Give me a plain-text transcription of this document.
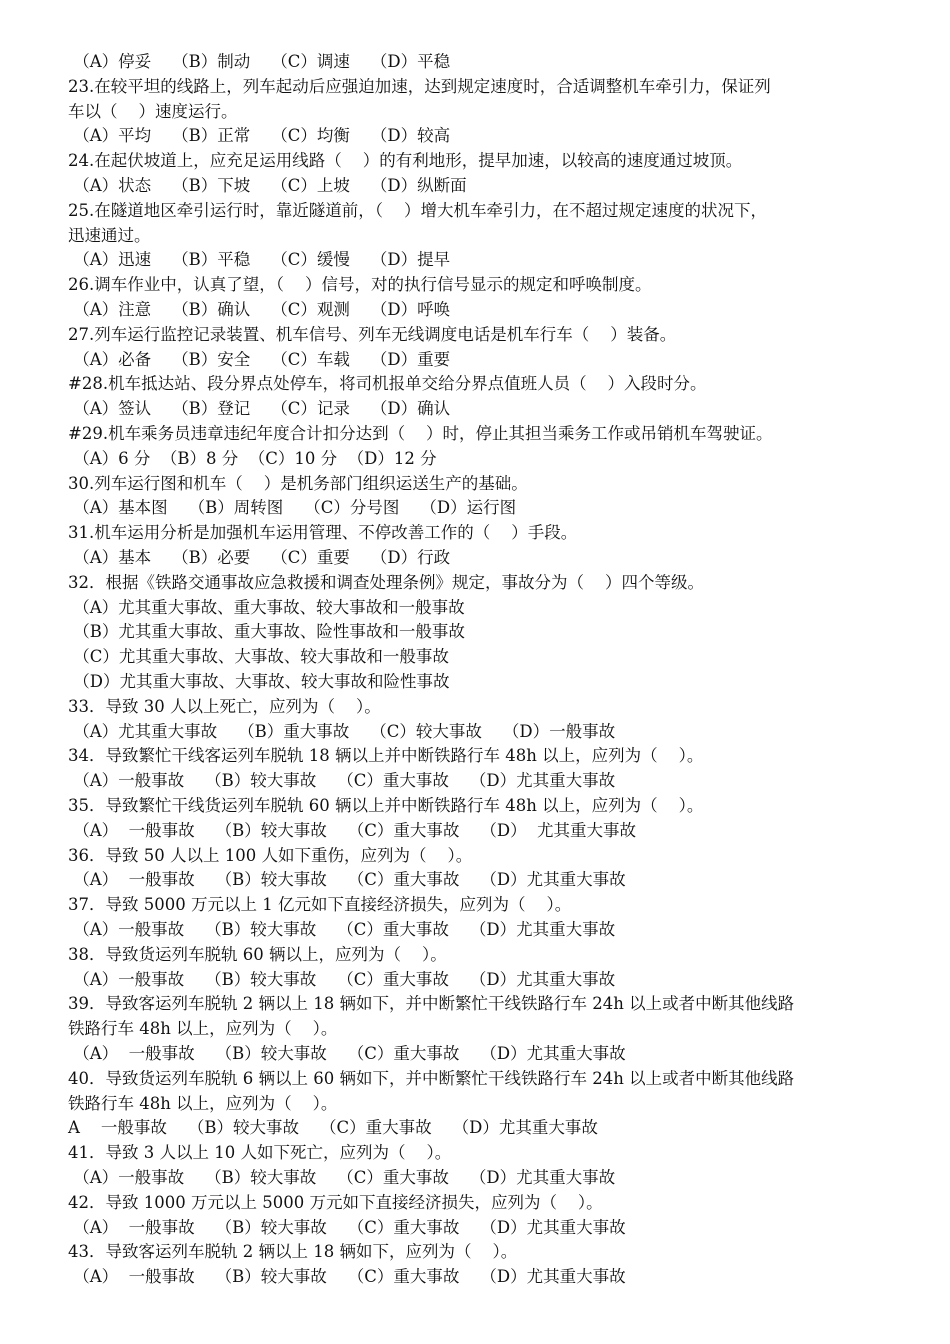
（A）停妥    （B）制动    （C）调速    （D）平稳
23.在较平坦的线路上，列车起动后应强迫加速，达到规定速度时，合适调整机车牵引力，保证列
车以（    ）速度运行。
（A）平均    （B）正常    （C）均衡    （D）较高
24.在起伏坡道上，应充足运用线路（    ）的有利地形，提早加速，以较高的速度通过坡顶。
（A）状态    （B）下坡    （C）上坡    （D）纵断面
25.在隧道地区牵引运行时，靠近隧道前，（    ）增大机车牵引力，在不超过规定速度的状况下，
迅速通过。
（A）迅速    （B）平稳    （C）缓慢    （D）提早
26.调车作业中，认真了望，（    ）信号，对的执行信号显示的规定和呼唤制度。
（A）注意    （B）确认    （C）观测    （D）呼唤
27.列车运行监控记录装置、机车信号、列车无线调度电话是机车行车（    ）装备。
（A）必备    （B）安全    （C）车载    （D）重要
#28.机车抵达站、段分界点处停车，将司机报单交给分界点值班人员（    ）入段时分。
（A）签认    （B）登记    （C）记录    （D）确认
#29.机车乘务员违章违纪年度合计扣分达到（    ）时，停止其担当乘务工作或吊销机车驾驶证。
（A）6 分  （B）8 分  （C）10 分  （D）12 分
30.列车运行图和机车（    ）是机务部门组织运送生产的基础。
（A）基本图    （B）周转图    （C）分号图    （D）运行图
31.机车运用分析是加强机车运用管理、不停改善工作的（    ）手段。
（A）基本    （B）必要    （C）重要    （D）行政
32．根据《铁路交通事故应急救援和调查处理条例》规定，事故分为（    ）四个等级。
（A）尤其重大事故、重大事故、较大事故和一般事故
（B）尤其重大事故、重大事故、险性事故和一般事故
（C）尤其重大事故、大事故、较大事故和一般事故
（D）尤其重大事故、大事故、较大事故和险性事故
33．导致 30 人以上死亡，应列为（    ）。
（A）尤其重大事故    （B）重大事故    （C）较大事故    （D）一般事故
34．导致繁忙干线客运列车脱轨 18 辆以上并中断铁路行车 48h 以上，应列为（    ）。
（A）一般事故    （B）较大事故    （C）重大事故    （D）尤其重大事故
35．导致繁忙干线货运列车脱轨 60 辆以上并中断铁路行车 48h 以上，应列为（    ）。
（A）  一般事故    （B）较大事故    （C）重大事故    （D）  尤其重大事故
36．导致 50 人以上 100 人如下重伤，应列为（    ）。
（A）  一般事故    （B）较大事故    （C）重大事故    （D）尤其重大事故
37．导致 5000 万元以上 1 亿元如下直接经济损失，应列为（    ）。
（A）一般事故    （B）较大事故    （C）重大事故    （D）尤其重大事故
38．导致货运列车脱轨 60 辆以上，应列为（    ）。
（A）一般事故    （B）较大事故    （C）重大事故    （D）尤其重大事故
39．导致客运列车脱轨 2 辆以上 18 辆如下，并中断繁忙干线铁路行车 24h 以上或者中断其他线路
铁路行车 48h 以上，应列为（    ）。
（A）  一般事故    （B）较大事故    （C）重大事故    （D）尤其重大事故
40．导致货运列车脱轨 6 辆以上 60 辆如下，并中断繁忙干线铁路行车 24h 以上或者中断其他线路
铁路行车 48h 以上，应列为（    ）。
A    一般事故    （B）较大事故    （C）重大事故    （D）尤其重大事故
41．导致 3 人以上 10 人如下死亡，应列为（    ）。
（A）一般事故    （B）较大事故    （C）重大事故    （D）尤其重大事故
42．导致 1000 万元以上 5000 万元如下直接经济损失，应列为（    ）。
（A）  一般事故    （B）较大事故    （C）重大事故    （D）尤其重大事故
43．导致客运列车脱轨 2 辆以上 18 辆如下，应列为（    ）。
（A）  一般事故    （B）较大事故    （C）重大事故    （D）尤其重大事故
